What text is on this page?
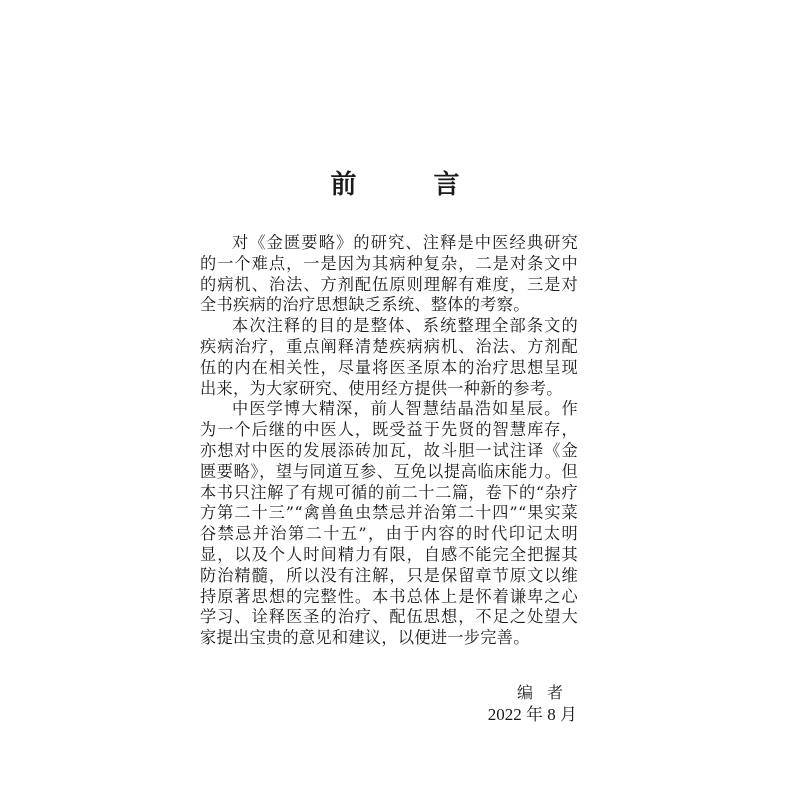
前 言

对《金匮要略》的研究、注释是中医经典研究的一个难点，一是因为其病种复杂，二是对条文中的病机、治法、方剂配伍原则理解有难度，三是对全书疾病的治疗思想缺乏系统、整体的考察。

本次注释的目的是整体、系统整理全部条文的疾病治疗，重点阐释清楚疾病病机、治法、方剂配伍的内在相关性，尽量将医圣原本的治疗思想呈现出来，为大家研究、使用经方提供一种新的参考。

中医学博大精深，前人智慧结晶浩如星辰。作为一个后继的中医人，既受益于先贤的智慧库存，亦想对中医的发展添砖加瓦，故斗胆一试注译《金匮要略》，望与同道互参、互免以提高临床能力。但本书只注解了有规可循的前二十二篇，卷下的“杂疗方第二十三”“禽兽鱼虫禁忌并治第二十四”“果实菜谷禁忌并治第二十五”，由于内容的时代印记太明显，以及个人时间精力有限，自感不能完全把握其防治精髓，所以没有注解，只是保留章节原文以维持原著思想的完整性。本书总体上是怀着谦卑之心学习、诠释医圣的治疗、配伍思想，不足之处望大家提出宝贵的意见和建议，以便进一步完善。

编者
2022 年 8 月
